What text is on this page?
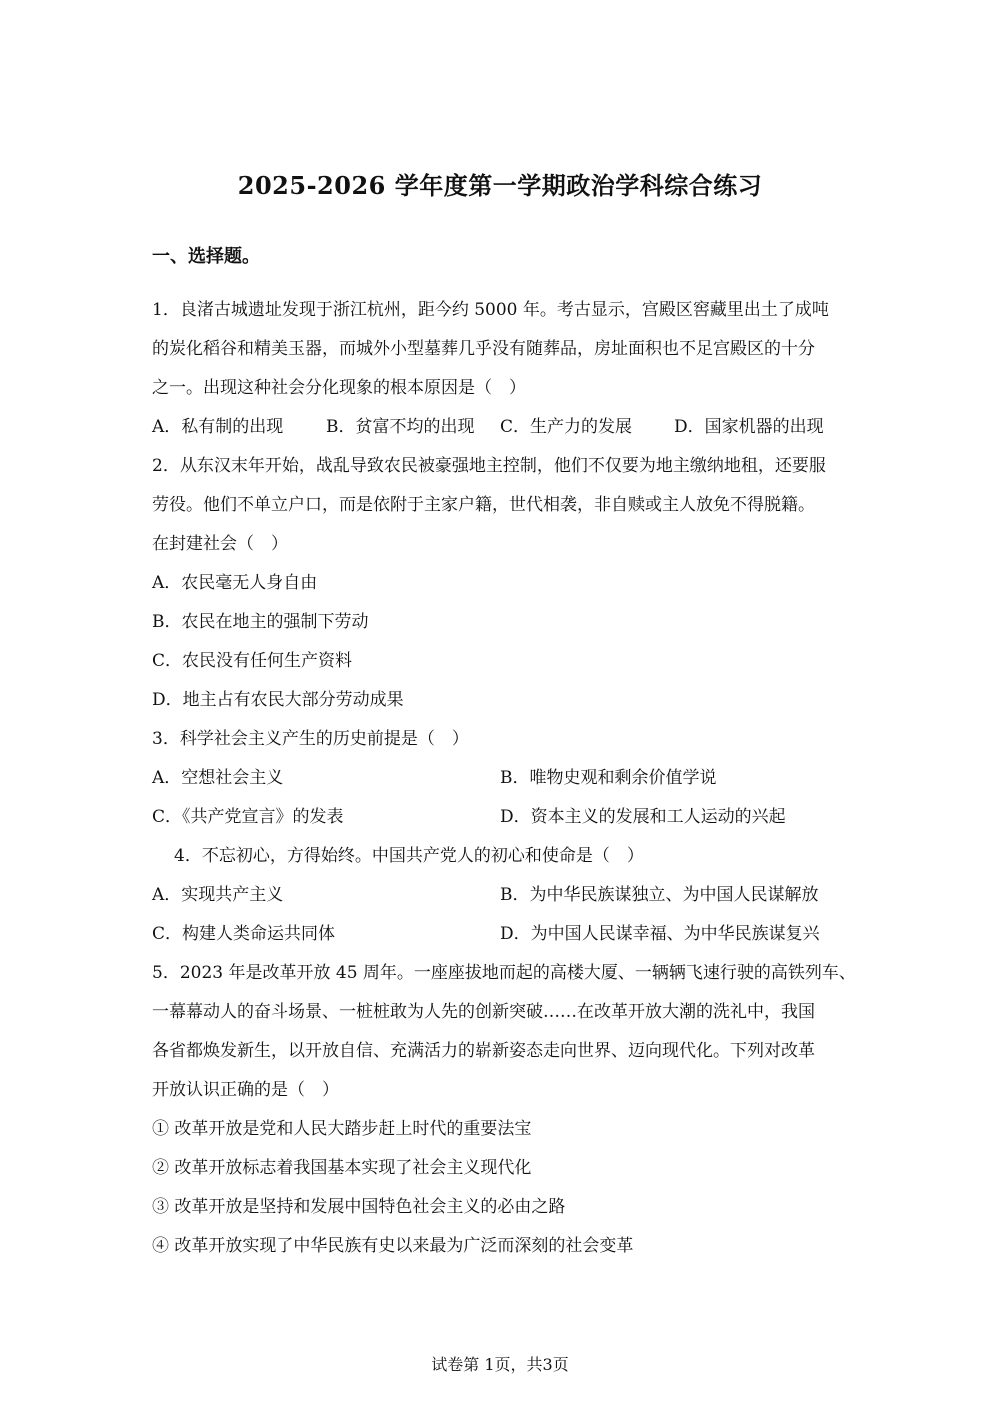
2025-2026 学年度第一学期政治学科综合练习
一、选择题。
1．良渚古城遗址发现于浙江杭州，距今约 5000 年。考古显示，宫殿区窖藏里出土了成吨
的炭化稻谷和精美玉器，而城外小型墓葬几乎没有随葬品，房址面积也不足宫殿区的十分
之一。出现这种社会分化现象的根本原因是（　）
A．私有制的出现	B．贫富不均的出现 C．生产力的发展 D．国家机器的出现
2．从东汉末年开始，战乱导致农民被豪强地主控制，他们不仅要为地主缴纳地租，还要服
劳役。他们不单立户口，而是依附于主家户籍，世代相袭，非自赎或主人放免不得脱籍。
在封建社会（　）
A．农民毫无人身自由
B．农民在地主的强制下劳动
C．农民没有任何生产资料
D．地主占有农民大部分劳动成果
3．科学社会主义产生的历史前提是（　）
A．空想社会主义	B．唯物史观和剩余价值学说
C．《共产党宣言》的发表	D．资本主义的发展和工人运动的兴起
4．不忘初心，方得始终。中国共产党人的初心和使命是（　）
A．实现共产主义	B．为中华民族谋独立、为中国人民谋解放
C．构建人类命运共同体	D．为中国人民谋幸福、为中华民族谋复兴
5．2023 年是改革开放 45 周年。一座座拔地而起的高楼大厦、一辆辆飞速行驶的高铁列车、
一幕幕动人的奋斗场景、一桩桩敢为人先的创新突破……在改革开放大潮的洗礼中，我国
各省都焕发新生，以开放自信、充满活力的崭新姿态走向世界、迈向现代化。下列对改革
开放认识正确的是（　）
① 改革开放是党和人民大踏步赶上时代的重要法宝
② 改革开放标志着我国基本实现了社会主义现代化
③ 改革开放是坚持和发展中国特色社会主义的必由之路
④ 改革开放实现了中华民族有史以来最为广泛而深刻的社会变革
试卷第 1页，共3页
